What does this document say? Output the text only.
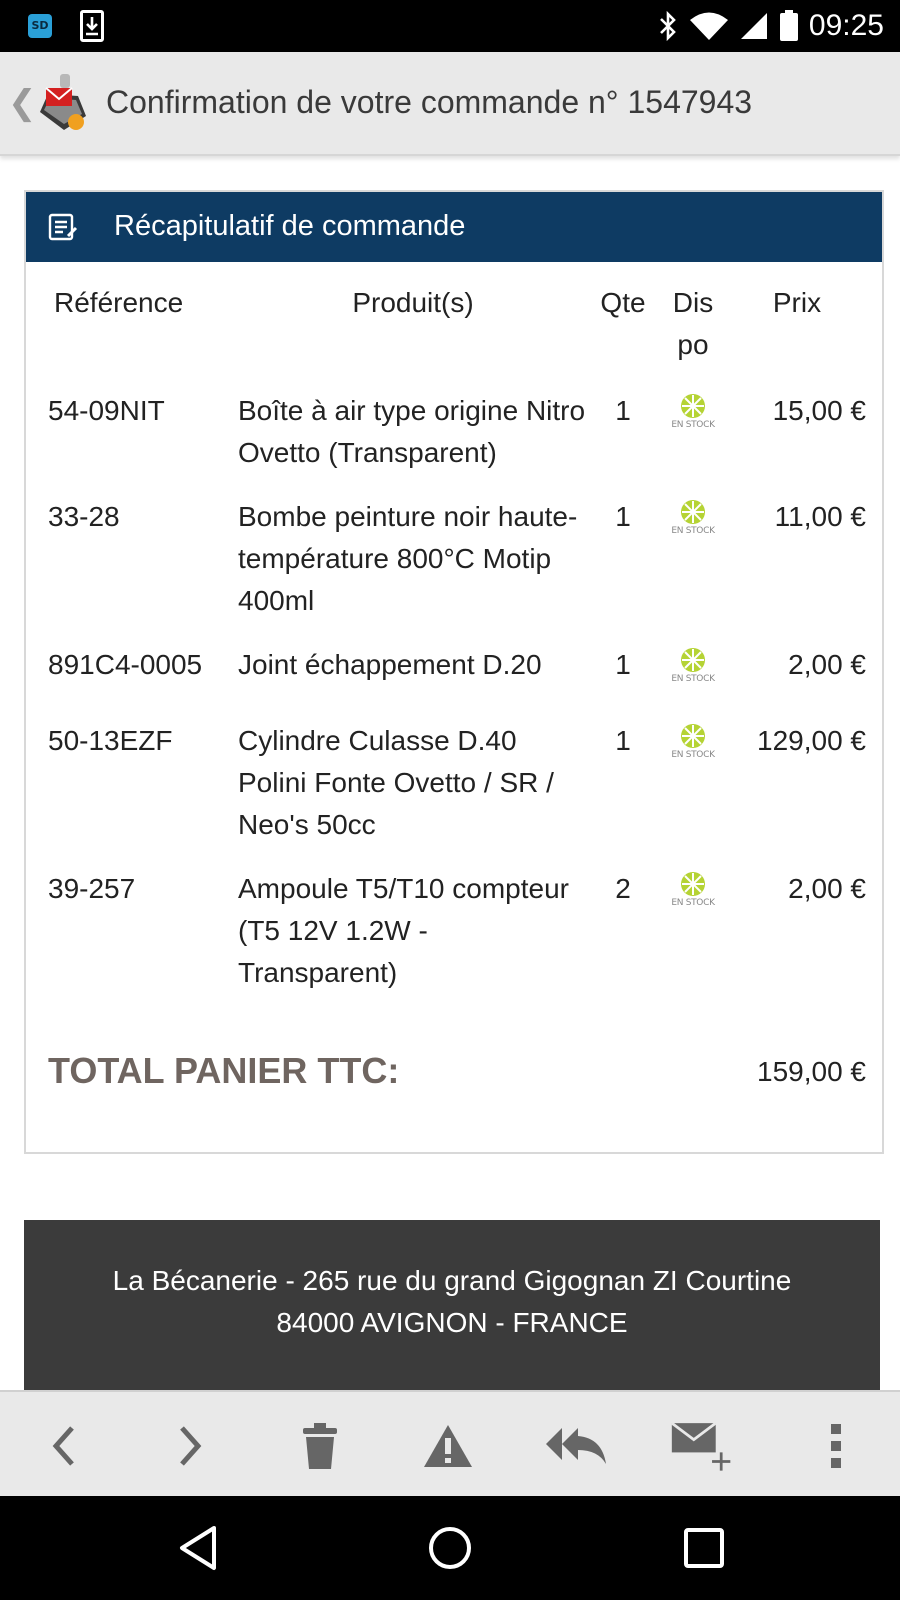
SD	09:25
❮ Confirmation de votre commande n° 1547943
Récapitulatif de commande
Référence	Produit(s)	Qte	Dis po	Prix
54-09NIT	Boîte à air type origine Nitro Ovetto (Transparent)	1	EN STOCK	15,00 €
33-28	Bombe peinture noir haute-température 800°C Motip 400ml	1	EN STOCK	11,00 €
891C4-0005	Joint échappement D.20	1	EN STOCK	2,00 €
50-13EZF	Cylindre Culasse D.40 Polini Fonte Ovetto / SR / Neo's 50cc	1	EN STOCK	129,00 €
39-257	Ampoule T5/T10 compteur (T5 12V 1.2W - Transparent)	2	EN STOCK	2,00 €
TOTAL PANIER TTC:	159,00 €
La Bécanerie - 265 rue du grand Gigognan ZI Courtine
84000 AVIGNON - FRANCE
